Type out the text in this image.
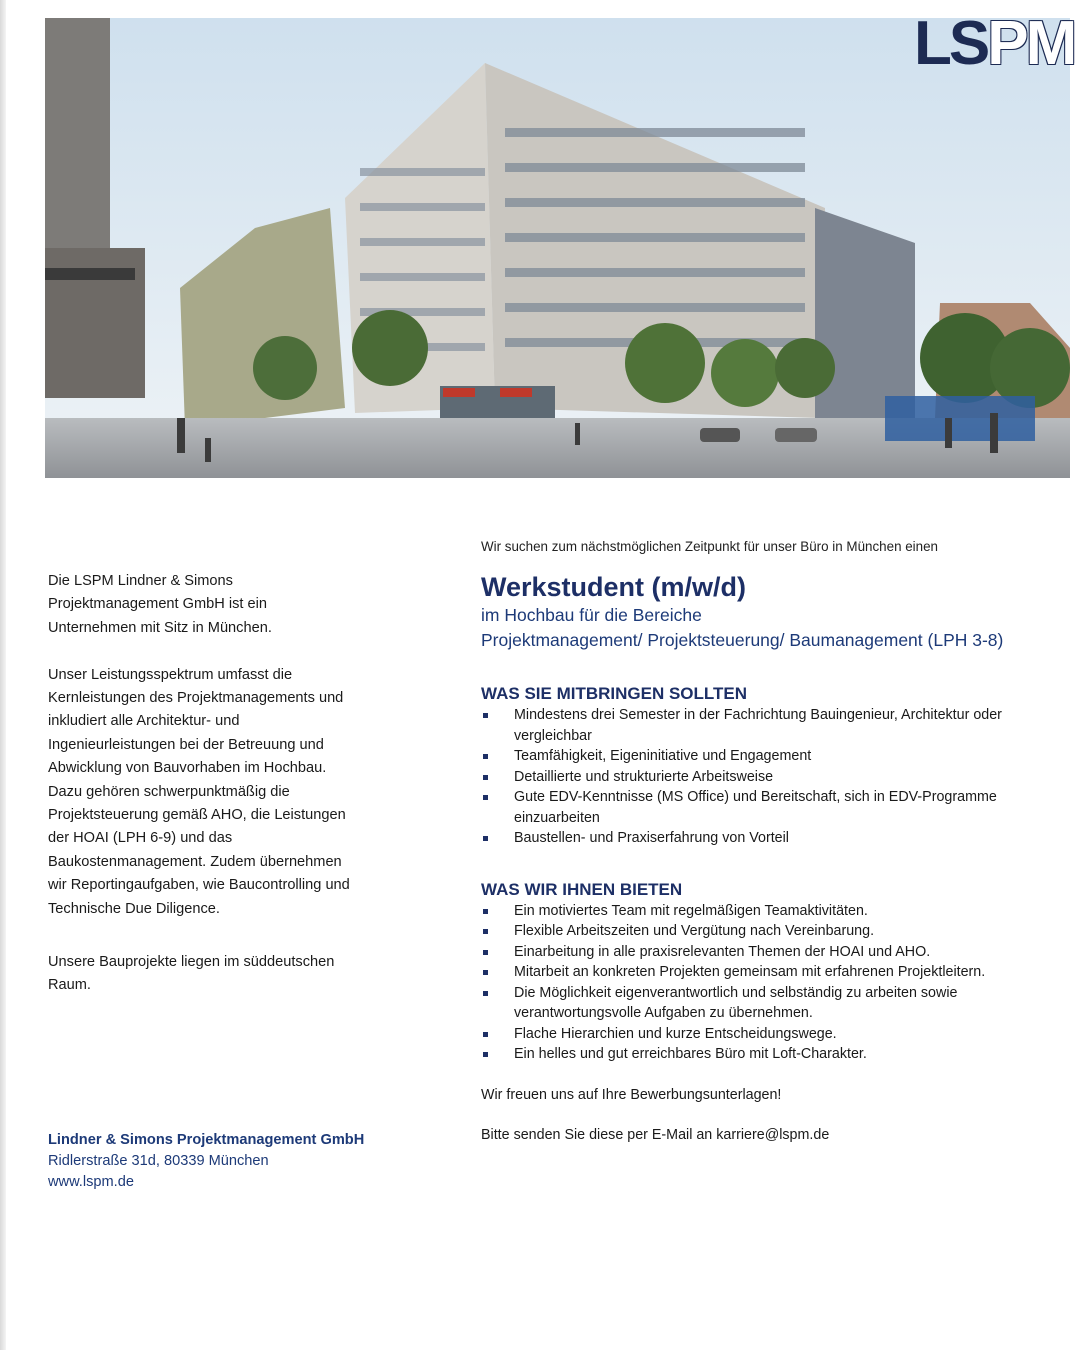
LS PM

Die LSPM Lindner & Simons Projektmanagement GmbH ist ein Unternehmen mit Sitz in München.

Unser Leistungsspektrum umfasst die Kernleistungen des Projektmanagements und inkludiert alle Architektur- und Ingenieurleistungen bei der Betreuung und Abwicklung von Bauvorhaben im Hochbau. Dazu gehören schwerpunktmäßig die Projektsteuerung gemäß AHO, die Leistungen der HOAI (LPH 6-9) und das Baukostenmanagement. Zudem übernehmen wir Reportingaufgaben, wie Baucontrolling und Technische Due Diligence.

Unsere Bauprojekte liegen im süddeutschen Raum.

Lindner & Simons Projektmanagement GmbH
Ridlerstraße 31d, 80339 München
www.lspm.de

Wir suchen zum nächstmöglichen Zeitpunkt für unser Büro in München einen

Werkstudent (m/w/d)

im Hochbau für die Bereiche

Projektmanagement/ Projektsteuerung/ Baumanagement (LPH 3-8)

WAS SIE MITBRINGEN SOLLTEN
Mindestens drei Semester in der Fachrichtung Bauingenieur, Architektur oder vergleichbar
Teamfähigkeit, Eigeninitiative und Engagement
Detaillierte und strukturierte Arbeitsweise
Gute EDV-Kenntnisse (MS Office) und Bereitschaft, sich in EDV-Programme einzuarbeiten
Baustellen- und Praxiserfahrung von Vorteil
WAS WIR IHNEN BIETEN
Ein motiviertes Team mit regelmäßigen Teamaktivitäten.
Flexible Arbeitszeiten und Vergütung nach Vereinbarung.
Einarbeitung in alle praxisrelevanten Themen der HOAI und AHO.
Mitarbeit an konkreten Projekten gemeinsam mit erfahrenen Projektleitern.
Die Möglichkeit eigenverantwortlich und selbständig zu arbeiten sowie verantwortungsvolle Aufgaben zu übernehmen.
Flache Hierarchien und kurze Entscheidungswege.
Ein helles und gut erreichbares Büro mit Loft-Charakter.

Wir freuen uns auf Ihre Bewerbungsunterlagen!

Bitte senden Sie diese per E-Mail an karriere@lspm.de
